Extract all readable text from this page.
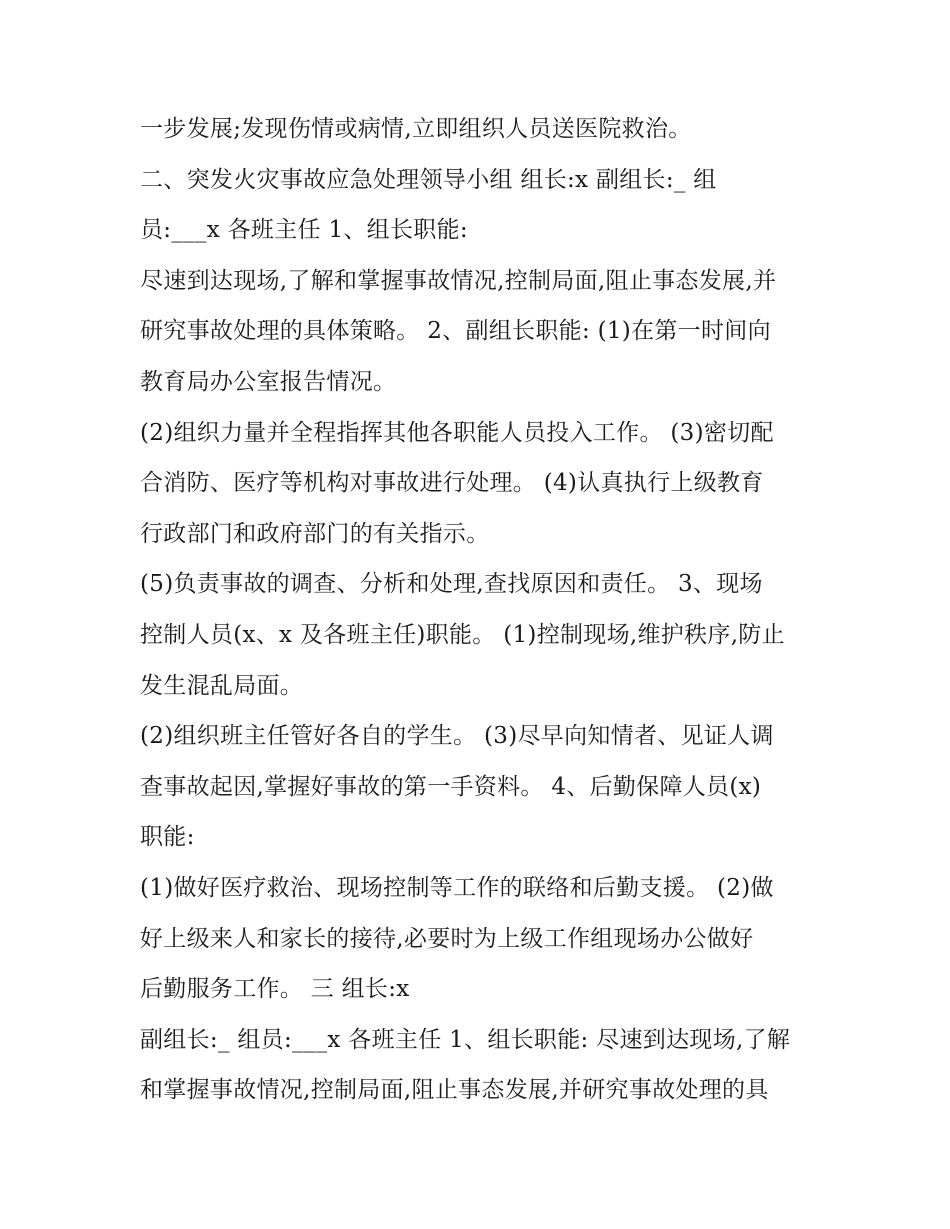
一步发展;发现伤情或病情,立即组织人员送医院救治。
二、突发火灾事故应急处理领导小组 组长:x 副组长:_ 组
员:___x 各班主任 1、组长职能:
尽速到达现场,了解和掌握事故情况,控制局面,阻止事态发展,并
研究事故处理的具体策略。 2、副组长职能: (1)在第一时间向
教育局办公室报告情况。
(2)组织力量并全程指挥其他各职能人员投入工作。 (3)密切配
合消防、医疗等机构对事故进行处理。 (4)认真执行上级教育
行政部门和政府部门的有关指示。
(5)负责事故的调查、分析和处理,查找原因和责任。 3、现场
控制人员(x、x 及各班主任)职能。 (1)控制现场,维护秩序,防止
发生混乱局面。
(2)组织班主任管好各自的学生。 (3)尽早向知情者、见证人调
查事故起因,掌握好事故的第一手资料。 4、后勤保障人员(x)
职能:
(1)做好医疗救治、现场控制等工作的联络和后勤支援。 (2)做
好上级来人和家长的接待,必要时为上级工作组现场办公做好
后勤服务工作。 三 组长:x
副组长:_ 组员:___x 各班主任 1、组长职能: 尽速到达现场,了解
和掌握事故情况,控制局面,阻止事态发展,并研究事故处理的具
